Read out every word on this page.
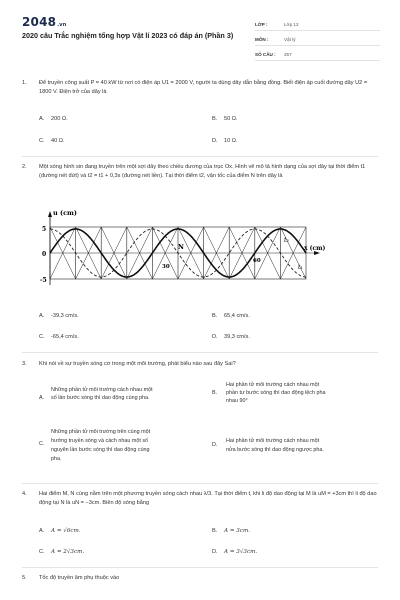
2048.vn
2020 câu Trắc nghiệm tổng hợp Vật lí 2023 có đáp án (Phần 3)
LỚP :	Lớp 12
MÔN :	Vật lý
SỐ CÂU :	257
1.	Để truyền công suất P = 40 kW từ nơi có điện áp U1 = 2000 V, người ta dùng dây dẫn bằng đồng. Biết điện áp cuối đường dây U2 = 1800 V. Điện trở của dây là
A. 200 Ω.	B. 50 Ω.
C. 40 Ω.	D. 10 Ω.
2.	Một sóng hình sin đang truyền trên một sợi dây theo chiều dương của trục Ox. Hình vẽ mô tả hình dạng của sợi dây tại thời điểm t1 (đường nét đứt) và t2 = t1 + 0,3s (đường nét liền). Tại thời điểm t2, vận tốc của điểm N trên dây là
u (cm)
x (cm)
5
0
-5
30
60
N
t₂
t₁
A. -39,3 cm/s.	B. 65,4 cm/s.
C. -65,4 cm/s.	D. 39,3 cm/s.
3.	Khi nói về sự truyền sóng cơ trong một môi trường, phát biểu nào sau đây Sai?
A.
Những phần tử môi trường cách nhau một
số lần bước sóng thì dao động cùng pha.
B.
Hai phần tử môi trường cách nhau một
phần tư bước sóng thì dao động lệch pha
nhau 90°
C.
Những phần tử môi trường trên cùng một
hướng truyền sóng và cách nhau một số
nguyên lần bước sóng thì dao động cùng
pha.
D.
Hai phần tử môi trường cách nhau một
nửa bước sóng thì dao động ngược pha.
4.	Hai điểm M, N cùng nằm trên một phương truyền sóng cách nhau λ/3. Tại thời điểm t, khi li độ dao động tại M là uM = +3cm thì li độ dao động tại N là uN = −3cm. Biên độ sóng bằng
A. A = √6cm.	B. A = 3cm.
C. A = 2√3cm.	D. A = 3√3cm.
5.	Tốc độ truyền âm phụ thuộc vào
